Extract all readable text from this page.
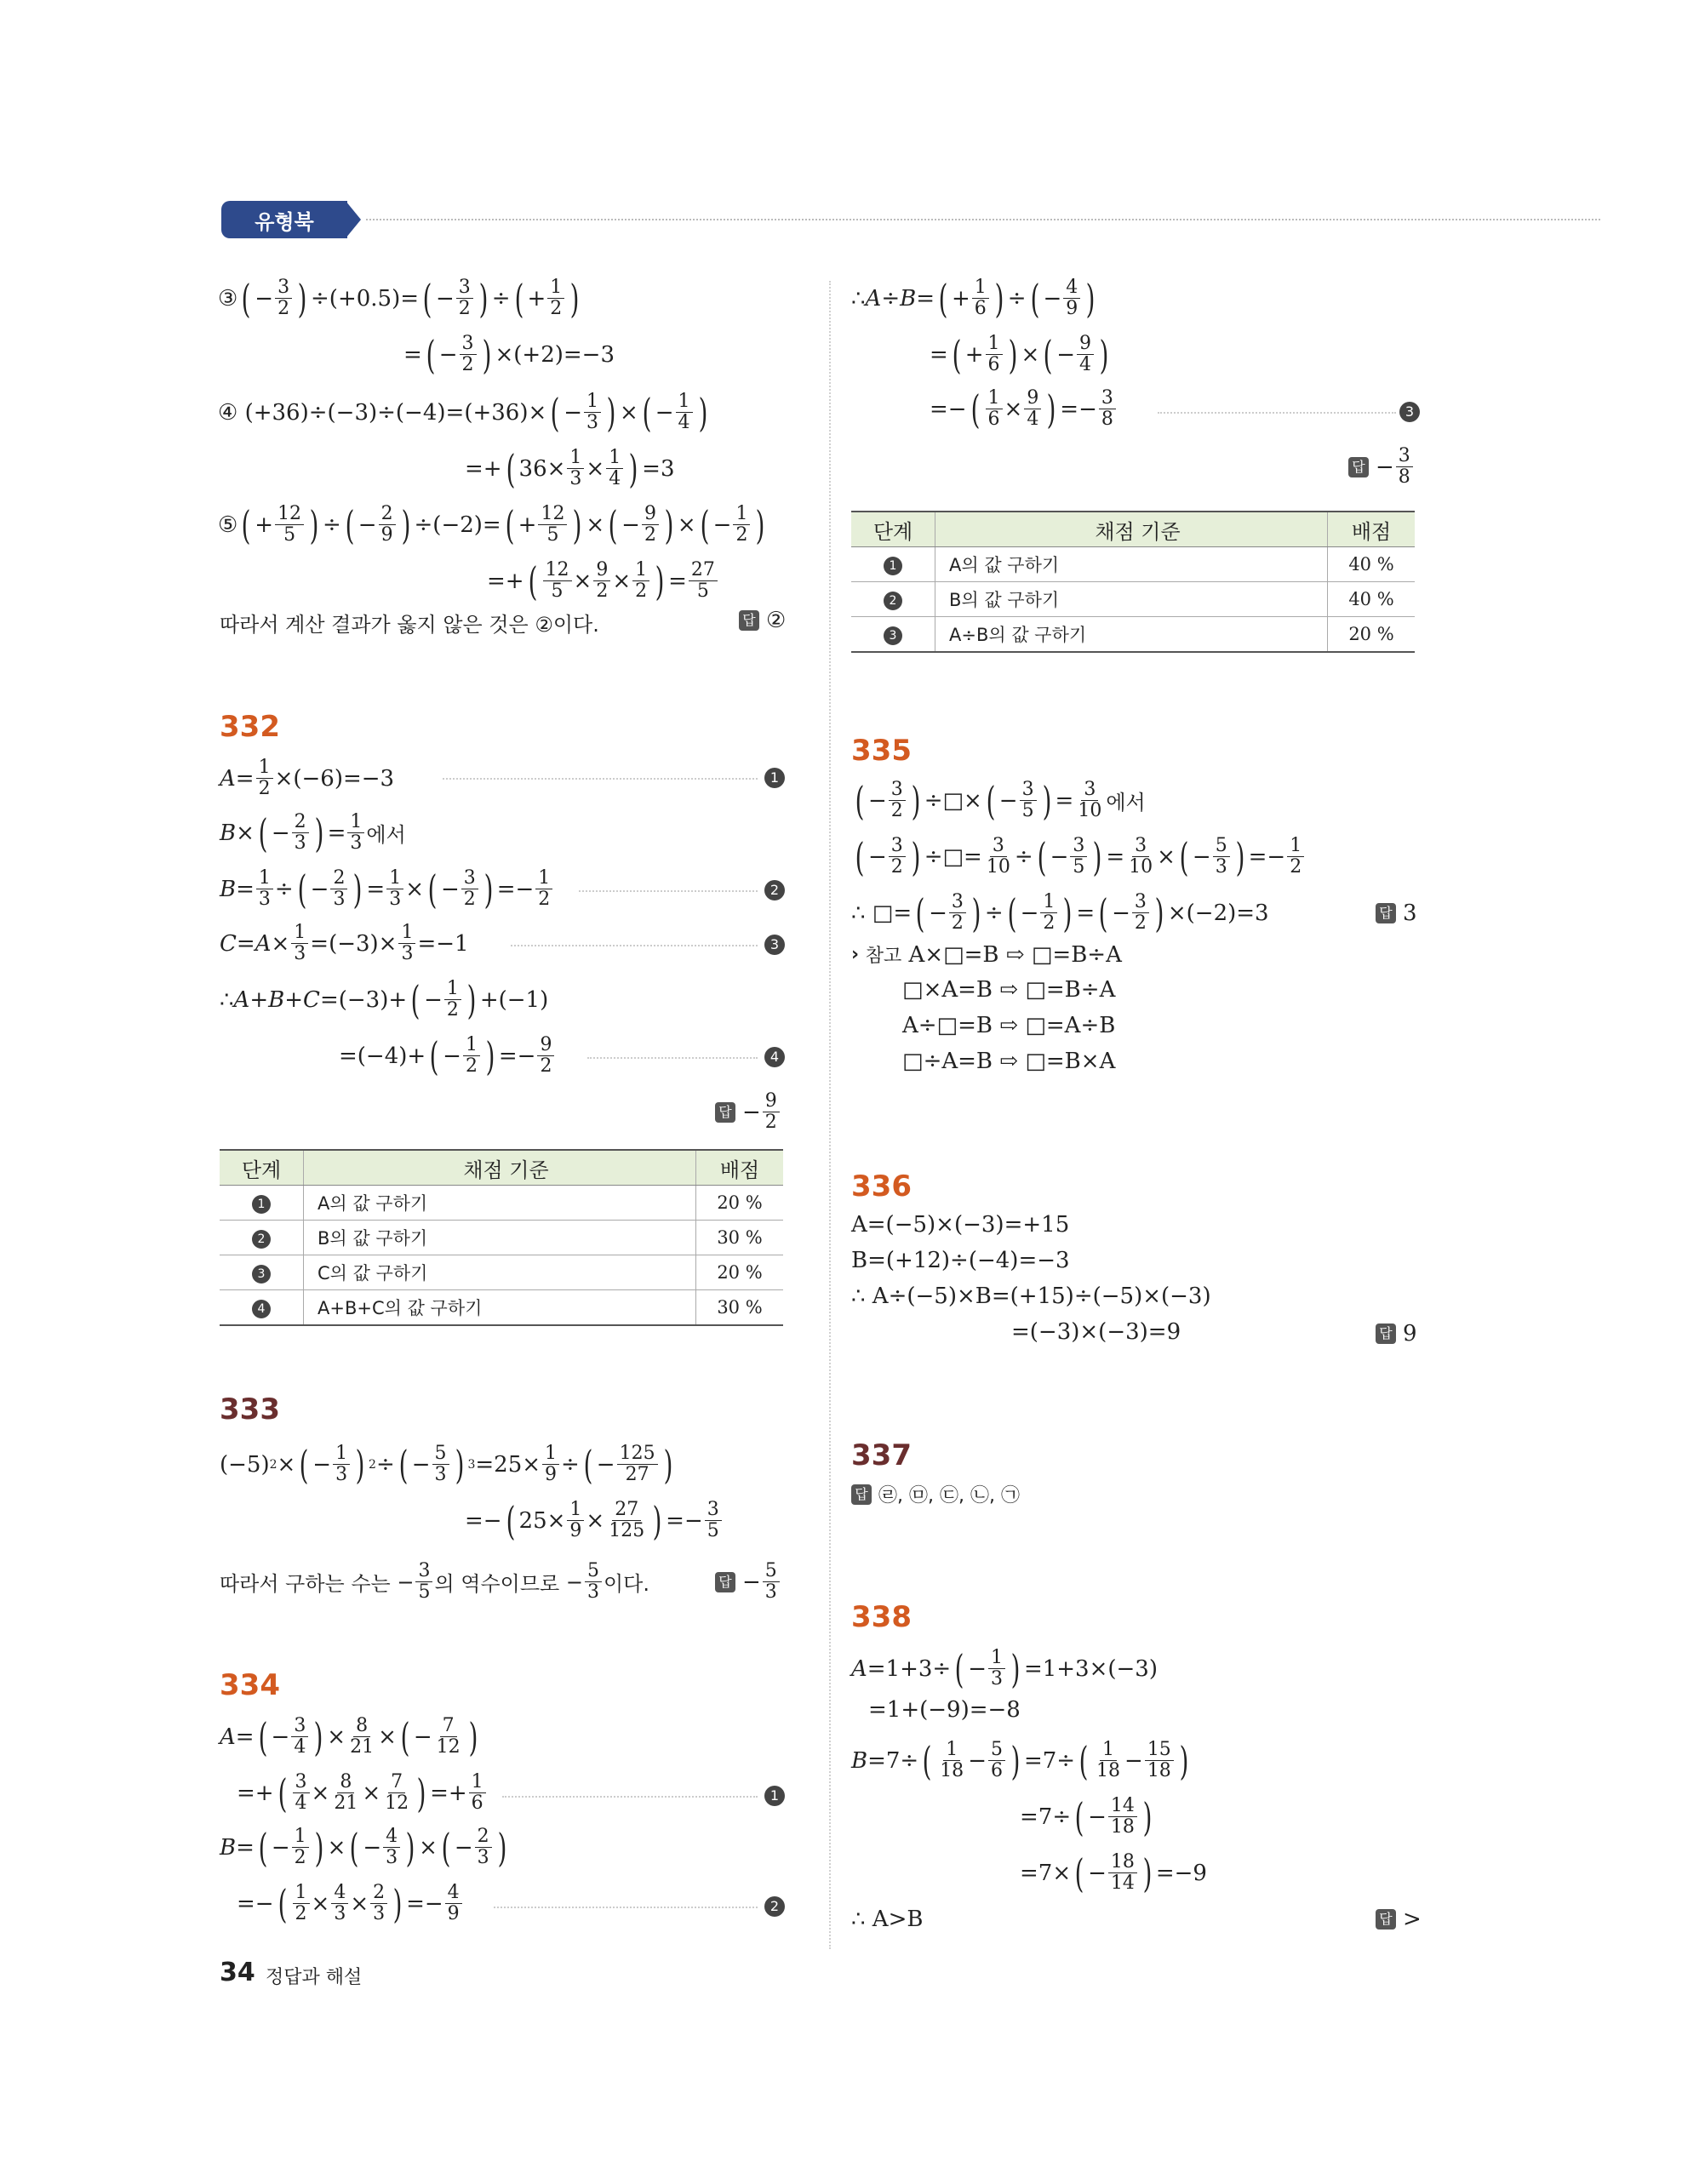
유형북
③ ( − $\frac{3}{2}$ ) ÷(+0.5)= ( − $\frac{3}{2}$ ) ÷ ( + $\frac{1}{2}$ )
= ( − $\frac{3}{2}$ ) ×(+2)=−3
④ (+36)÷(−3)÷(−4)=(+36)× ( − $\frac{1}{3}$ ) × ( − $\frac{1}{4}$ )
=+ ( $36\times \frac{1}{3} \times \frac{1}{4}$ ) =3
⑤ ( + $\frac{12}{5}$ ) ÷ ( − $\frac{2}{9}$ ) ÷(−2)= ( + $\frac{12}{5}$ ) × ( − $\frac{9}{2}$ ) × ( − $\frac{1}{2}$ )
=+ ( $\frac{12}{5} \times \frac{9}{2} \times \frac{1}{2}$ ) = $\frac{27}{5}$
따라서 계산 결과가 옳지 않은 것은 ②이다.	답 ②
332
$A = \frac{1}{2} \times(-6)=-3$	1
B × ( − $\frac{2}{3}$ ) = $\frac{1}{3}$ 에서
$B = \frac{1}{3}$ ÷ ( − $\frac{2}{3}$ ) = $\frac{1}{3}$ × ( − $\frac{3}{2}$ ) =− $\frac{1}{2}$	2
$C = A \times \frac{1}{3} =(-3)\times \frac{1}{3} =-1$	3
∴ A + B + C =(−3)+ ( − $\frac{1}{2}$ ) +(−1)
=(−4)+ ( − $\frac{1}{2}$ ) =− $\frac{9}{2}$	4
답 − $\frac{9}{2}$
단계	채점 기준	배점
1	A의 값 구하기	20 %
2	B의 값 구하기	30 %
3	C의 값 구하기	20 %
4	A+B+C의 값 구하기	30 %
333
(−5) 2 × ( − $\frac{1}{3}$ ) 2 ÷ ( − $\frac{5}{3}$ ) $3 =25\times \frac{1}{9}$ ÷ ( − $\frac{125}{27}$ )
=− ( $25\times \frac{1}{9} \times \frac{27}{125}$ ) =− $\frac{3}{5}$
따라서 구하는 수는 − $\frac{3}{5}$ 의 역수이므로 − $\frac{5}{3}$ 이다.	답 − $\frac{5}{3}$
334
A = ( − $\frac{3}{4}$ ) × $\frac{8}{21}$ × ( − $\frac{7}{12}$ )
=+ ( $\frac{3}{4} \times \frac{8}{21} \times \frac{7}{12}$ ) =+ $\frac{1}{6}$	1
B = ( − $\frac{1}{2}$ ) × ( − $\frac{4}{3}$ ) × ( − $\frac{2}{3}$ )
=− ( $\frac{1}{2} \times \frac{4}{3} \times \frac{2}{3}$ ) =− $\frac{4}{9}$	2
∴ A ÷ B = ( + $\frac{1}{6}$ ) ÷ ( − $\frac{4}{9}$ )
= ( + $\frac{1}{6}$ ) × ( − $\frac{9}{4}$ )
=− ( $\frac{1}{6} \times \frac{9}{4}$ ) =− $\frac{3}{8}$	3
답 − $\frac{3}{8}$
단계	채점 기준	배점
1	A의 값 구하기	40 %
2	B의 값 구하기	40 %
3	A÷B의 값 구하기	20 %
335
( − $\frac{3}{2}$ ) ÷□× ( − $\frac{3}{5}$ ) = $\frac{3}{10}$ 에서
( − $\frac{3}{2}$ ) ÷□= $\frac{3}{10}$ ÷ ( − $\frac{3}{5}$ ) = $\frac{3}{10}$ × ( − $\frac{5}{3}$ ) =− $\frac{1}{2}$
∴ □= ( − $\frac{3}{2}$ ) ÷ ( − $\frac{1}{2}$ ) = ( − $\frac{3}{2}$ ) ×(−2)=3	답 3
› 참고
A×□=B ⇨ □=B÷A
□×A=B ⇨ □=B÷A
A÷□=B ⇨ □=A÷B
□÷A=B ⇨ □=B×A
336
A=(−5)×(−3)=+15
B=(+12)÷(−4)=−3
∴ A÷(−5)×B=(+15)÷(−5)×(−3)
=(−3)×(−3)=9	답 9
337
답 ㉣, ㉤, ㉢, ㉡, ㉠
338
A =1+3÷ ( − $\frac{1}{3}$ ) =1+3×(−3)
=1+(−9)=−8
B =7÷ ( $\frac{1}{18} - \frac{5}{6}$ ) =7÷ ( $\frac{1}{18} - \frac{15}{18}$ )
=7÷ ( − $\frac{14}{18}$ )
=7× ( − $\frac{18}{14}$ ) =−9
∴ A>B	답 >
34 정답과 해설
